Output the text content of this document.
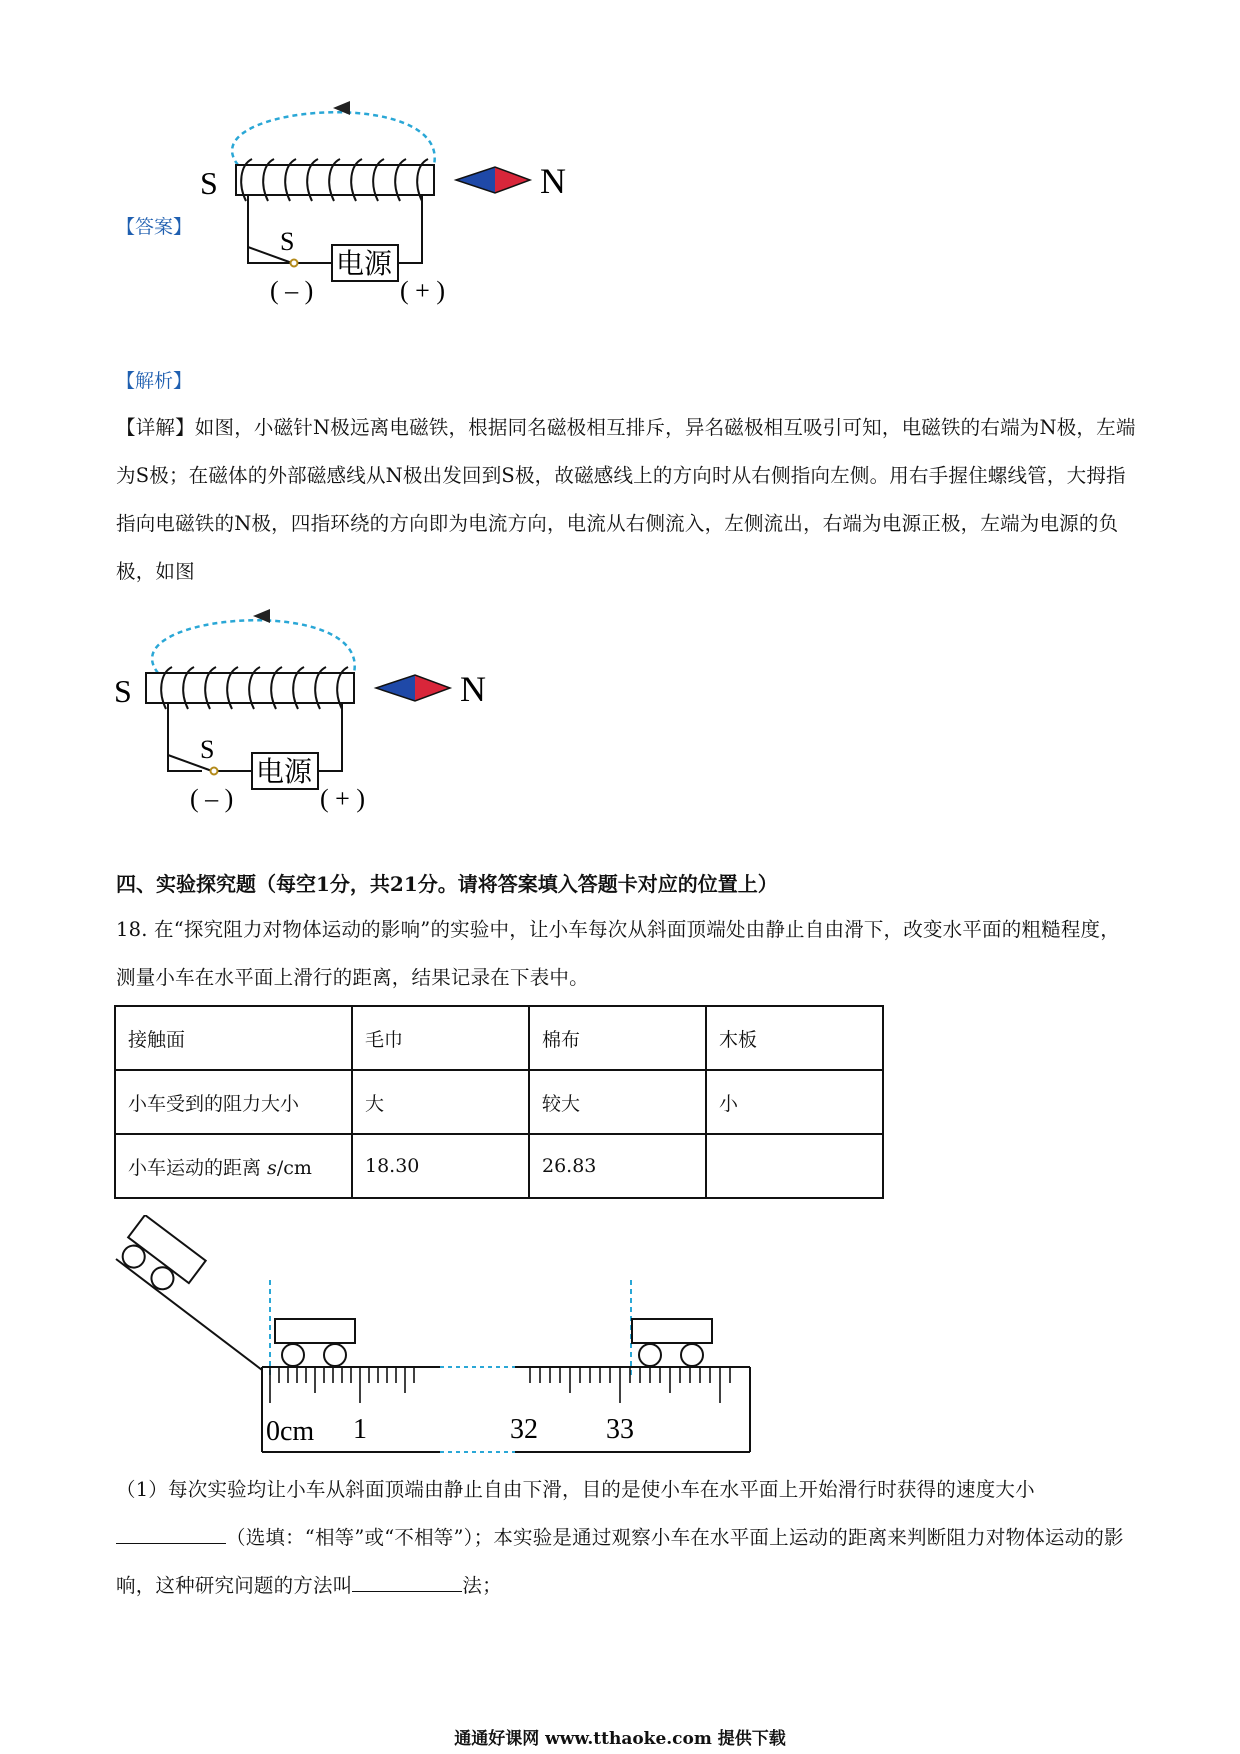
【答案】
S	N
S
电源
( – )	( + )
【解析】
【详解】如图，小磁针N极远离电磁铁，根据同名磁极相互排斥，异名磁极相互吸引可知，电磁铁的右端为N极，左端为S极；在磁体的外部磁感线从N极出发回到S极，故磁感线上的方向时从右侧指向左侧。用右手握住螺线管，大拇指指向电磁铁的N极，四指环绕的方向即为电流方向，电流从右侧流入，左侧流出，右端为电源正极，左端为电源的负极，如图
S	N
S
电源
( – )	( + )
四、实验探究题（每空1分，共21分。请将答案填入答题卡对应的位置上）
18. 在“探究阻力对物体运动的影响”的实验中，让小车每次从斜面顶端处由静止自由滑下，改变水平面的粗糙程度，测量小车在水平面上滑行的距离，结果记录在下表中。
接触面	毛巾	棉布	木板
小车受到的阻力大小	大	较大	小
小车运动的距离 s/cm	18.30	26.83	
0cm 1	32 33
（1）每次实验均让小车从斜面顶端由静止自由下滑，目的是使小车在水平面上开始滑行时获得的速度大小（选填：“相等”或“不相等”）；本实验是通过观察小车在水平面上运动的距离来判断阻力对物体运动的影响，这种研究问题的方法叫	法；
通通好课网 www.tthaoke.com 提供下载
